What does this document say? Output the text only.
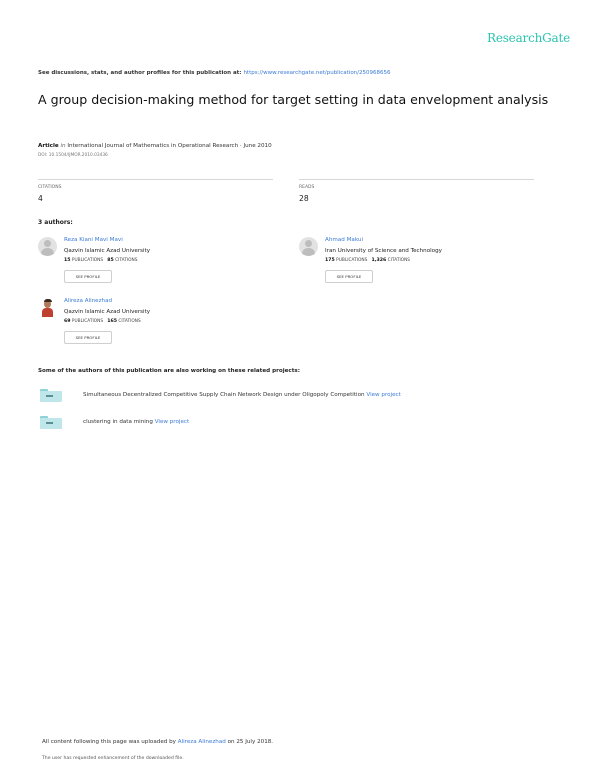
ResearchGate
See discussions, stats, and author profiles for this publication at: https://www.researchgate.net/publication/250968656
A group decision-making method for target setting in data envelopment analysis
Article in International Journal of Mathematics in Operational Research · June 2010
DOI: 10.1504/IJMOR.2010.03436
CITATIONS
4
READS
28
3 authors:
Reza Kiani Mavi Mavi
Qazvin Islamic Azad University
15 PUBLICATIONS 85 CITATIONS
SEE PROFILE
Ahmad Makui
Iran University of Science and Technology
175 PUBLICATIONS 1,326 CITATIONS
SEE PROFILE
Alireza Alinezhad
Qazvin Islamic Azad University
69 PUBLICATIONS 165 CITATIONS
SEE PROFILE
Some of the authors of this publication are also working on these related projects:
Simultaneous Decentralized Competitive Supply Chain Network Design under Oligopoly Competition View project
clustering in data mining View project
All content following this page was uploaded by Alireza Alinezhad on 25 July 2018.
The user has requested enhancement of the downloaded file.
